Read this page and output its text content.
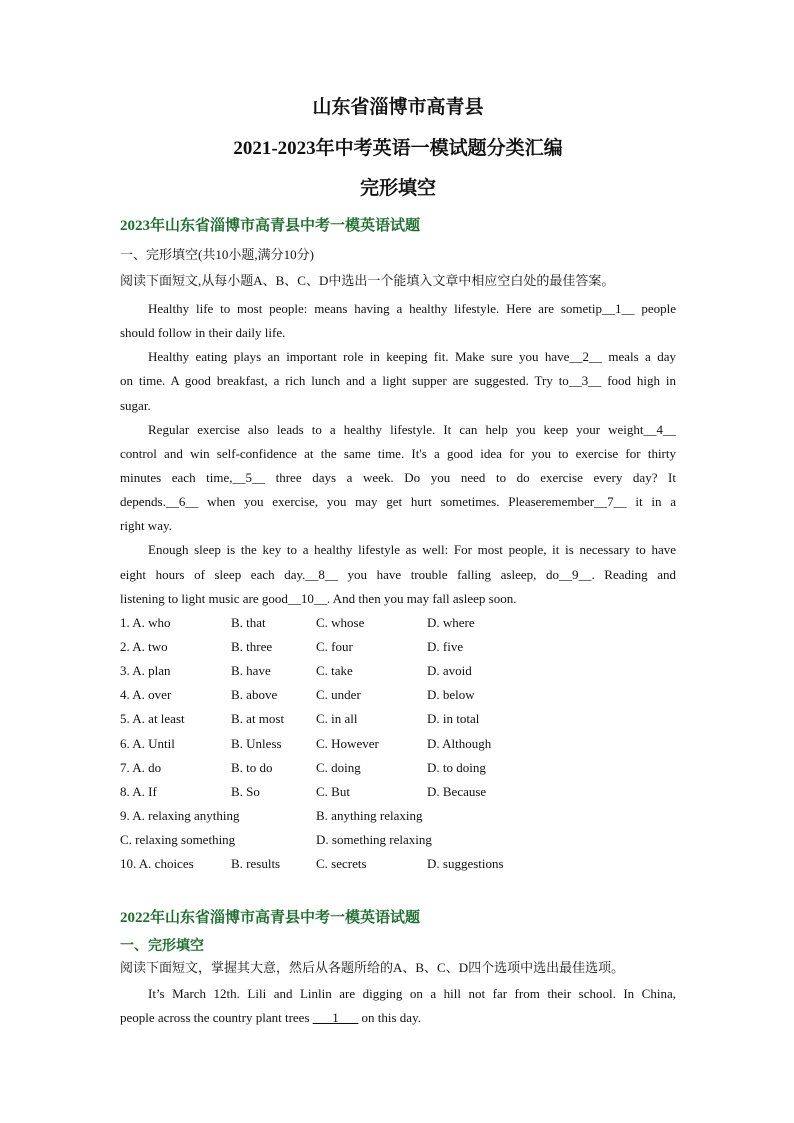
山东省淄博市高青县
2021-2023年中考英语一模试题分类汇编
完形填空
2023年山东省淄博市高青县中考一模英语试题
一、完形填空(共10小题,满分10分)
阅读下面短文,从每小题A、B、C、D中选出一个能填入文章中相应空白处的最佳答案。
Healthy life to most people: means having a healthy lifestyle. Here are sometip__1__ people
should follow in their daily life.
Healthy eating plays an important role in keeping fit. Make sure you have__2__ meals a day
on time. A good breakfast, a rich lunch and a light supper are suggested. Try to__3__ food high in
sugar.
Regular exercise also leads to a healthy lifestyle. It can help you keep your weight__4__
control and win self-confidence at the same time. It's a good idea for you to exercise for thirty
minutes each time,__5__ three days a week. Do you need to do exercise every day? It
depends.__6__ when you exercise, you may get hurt sometimes. Pleaseremember__7__ it in a
right way.
Enough sleep is the key to a healthy lifestyle as well: For most people, it is necessary to have
eight hours of sleep each day.__8__ you have trouble falling asleep, do__9__. Reading and
listening to light music are good__10__. And then you may fall asleep soon.
1. A. who	B. that	C. whose	D. where
2. A. two	B. three	C. four	D. five
3. A. plan	B. have	C. take	D. avoid
4. A. over	B. above	C. under	D. below
5. A. at least	B. at most C. in all	D. in total
6. A. Until	B. Unless	C. However	D. Although
7. A. do	B. to do	C. doing	D. to doing
8. A. If	B. So	C. But	D. Because
9. A. relaxing anything	B. anything relaxing
C. relaxing something	D. something relaxing
10. A. choices	B. results	C. secrets	D. suggestions
2022年山东省淄博市高青县中考一模英语试题
一、完形填空
阅读下面短文，掌握其大意，然后从各题所给的A、B、C、D四个选项中选出最佳选项。
It’s March 12th. Lili and Linlin are digging on a hill not far from their school. In China,
people across the country plant trees ___1___ on this day.
